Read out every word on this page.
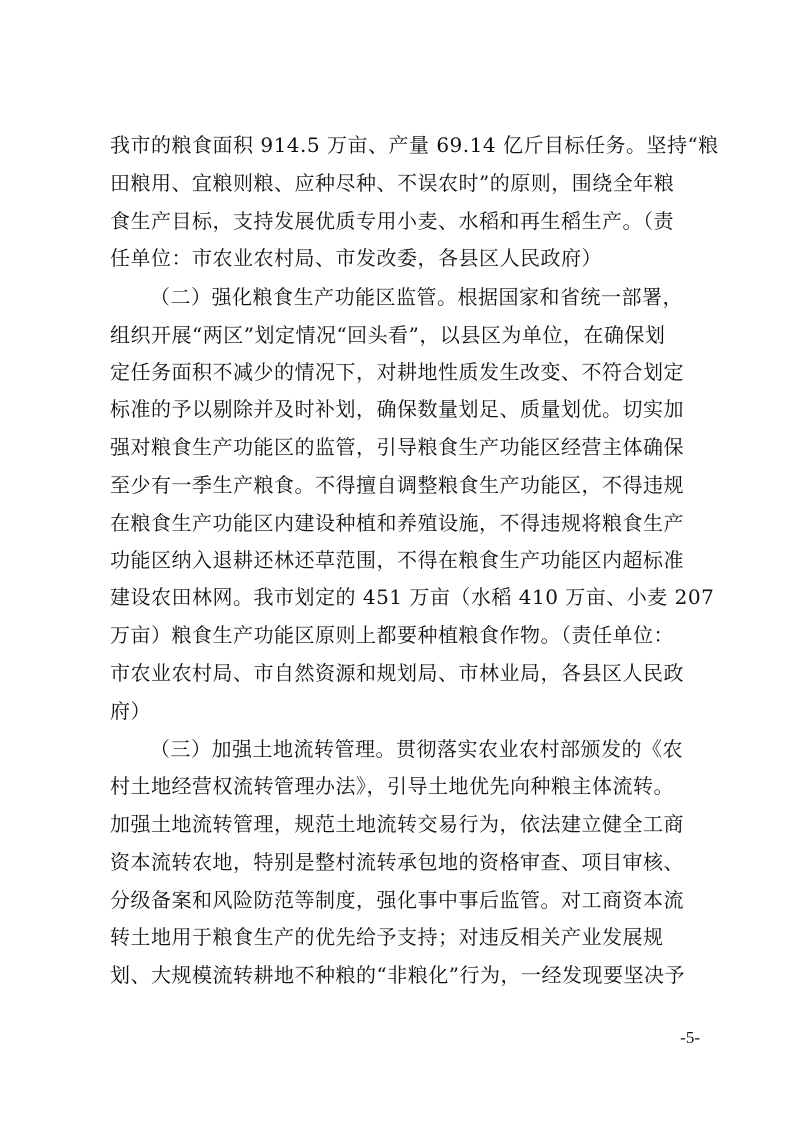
我市的粮食面积 914.5 万亩、产量 69.14 亿斤目标任务。坚持“粮
田粮用、宜粮则粮、应种尽种、不误农时”的原则，围绕全年粮
食生产目标，支持发展优质专用小麦、水稻和再生稻生产。（责
任单位：市农业农村局、市发改委，各县区人民政府）
（二）强化粮食生产功能区监管。根据国家和省统一部署，
组织开展“两区”划定情况“回头看”，以县区为单位，在确保划
定任务面积不减少的情况下，对耕地性质发生改变、不符合划定
标准的予以剔除并及时补划，确保数量划足、质量划优。切实加
强对粮食生产功能区的监管，引导粮食生产功能区经营主体确保
至少有一季生产粮食。不得擅自调整粮食生产功能区，不得违规
在粮食生产功能区内建设种植和养殖设施，不得违规将粮食生产
功能区纳入退耕还林还草范围，不得在粮食生产功能区内超标准
建设农田林网。我市划定的 451 万亩（水稻 410 万亩、小麦 207
万亩）粮食生产功能区原则上都要种植粮食作物。（责任单位：
市农业农村局、市自然资源和规划局、市林业局，各县区人民政
府）
（三）加强土地流转管理。贯彻落实农业农村部颁发的《农
村土地经营权流转管理办法》，引导土地优先向种粮主体流转。
加强土地流转管理，规范土地流转交易行为，依法建立健全工商
资本流转农地，特别是整村流转承包地的资格审查、项目审核、
分级备案和风险防范等制度，强化事中事后监管。对工商资本流
转土地用于粮食生产的优先给予支持；对违反相关产业发展规
划、大规模流转耕地不种粮的“非粮化”行为，一经发现要坚决予
-5-
